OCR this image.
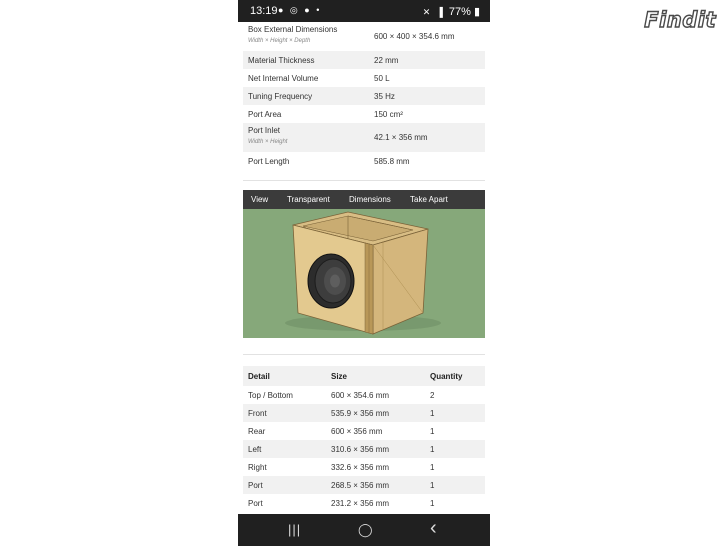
Findit
13:19 ● ◎ ● •	✕ ▐ 77% ▮
Box External Dimensions
Width × Height × Depth	600 × 400 × 354.6 mm
Material Thickness	22 mm
Net Internal Volume	50 L
Tuning Frequency	35 Hz
Port Area	150 cm²
Port Inlet
Width × Height	42.1 × 356 mm
Port Length	585.8 mm
View Transparent Dimensions Take Apart
Detail	Size	Quantity
Top / Bottom	600 × 354.6 mm	2
Front	535.9 × 356 mm	1
Rear	600 × 356 mm	1
Left	310.6 × 356 mm	1
Right	332.6 × 356 mm	1
Port	268.5 × 356 mm	1
Port	231.2 × 356 mm	1
|||	◯	‹
